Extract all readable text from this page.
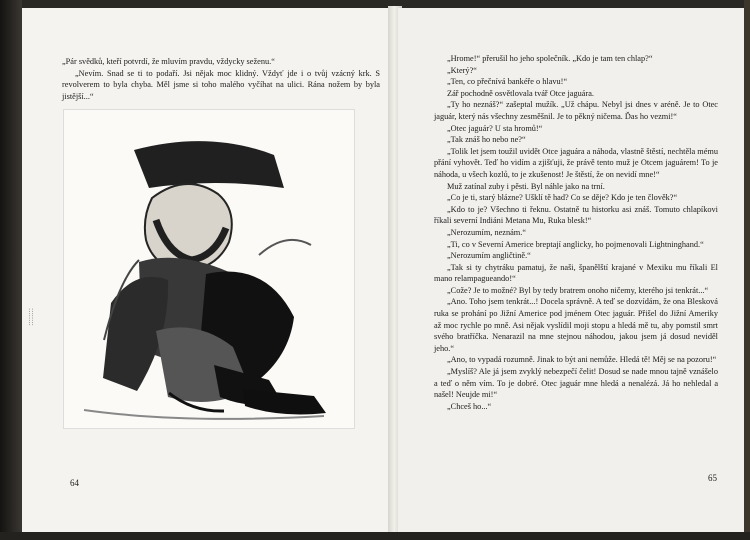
„Pár svědků, kteří potvrdí, že mluvím pravdu, vždycky seženu.“

„Nevím. Snad se ti to podaří. Jsi nějak moc klidný. Vždyť jde i o tvůj vzácný krk. S revolverem to byla chyba. Měl jsme si toho malého vyčíhat na ulici. Rána nožem by byla jistější...“

64
::::::::

„Hrome!“ přerušil ho jeho společník. „Kdo je tam ten chlap?“

„Který?“

„Ten, co přečnívá bankéře o hlavu!“

Zář pochodně osvětlovala tvář Otce jaguára.

„Ty ho neznáš?“ zašeptal mužík. „Už chápu. Nebyl jsi dnes v aréně. Je to Otec jaguár, který nás všechny zesměšnil. Je to pěkný ničema. Ďas ho vezmi!“

„Otec jaguár? U sta hromů!“

„Tak znáš ho nebo ne?“

„Tolik let jsem toužil uvidět Otce jaguára a náhoda, vlastně štěstí, nechtěla mému přání vyhovět. Teď ho vidím a zjišťuji, že právě tento muž je Otcem jaguárem! To je náhoda, u všech kozlů, to je zkušenost! Je štěstí, že on nevidí mne!“

Muž zatínal zuby i pěsti. Byl náhle jako na trní.

„Co je ti, starý blázne? Ušklí tě had? Co se děje? Kdo je ten člověk?“

„Kdo to je? Všechno ti řeknu. Ostatně tu historku asi znáš. Tomuto chlapíkovi říkali severní Indiáni Metana Mu, Ruka blesk!“

„Nerozumím, neznám.“

„Ti, co v Severní Americe breptají anglicky, ho pojmenovali Lightninghand.“

„Nerozumím angličtině.“

„Tak si ty chytráku pamatuj, že naši, španělští krajané v Mexiku mu říkali El mano relampagueando!“

„Cože? Je to možné? Byl by tedy bratrem onoho ničemy, kterého jsi tenkrát...“

„Ano. Toho jsem tenkrát...! Docela správně. A teď se dozvídám, že ona Blesková ruka se prohání po Jižní Americe pod jménem Otec jaguár. Přišel do Jižní Ameriky až moc rychle po mně. Asi nějak vyslídil moji stopu a hledá mě tu, aby pomstil smrt svého bratříčka. Nenarazil na mne stejnou náhodou, jakou jsem já dosud neviděl jeho.“

„Ano, to vypadá rozumně. Jinak to být ani nemůže. Hledá tě! Měj se na pozoru!“

„Myslíš? Ale já jsem zvyklý nebezpečí čelit! Dosud se nade mnou tajně vznášelo a teď o něm vím. To je dobré. Otec jaguár mne hledá a nenalézá. Já ho nehledal a našel! Neujde mi!“

„Chceš ho...“

65
